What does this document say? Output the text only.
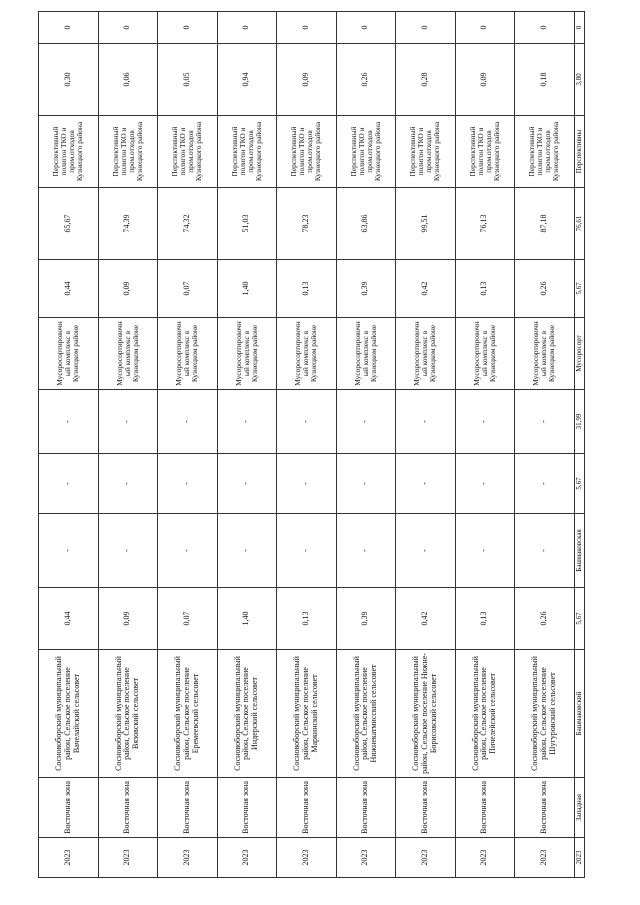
2023	Восточная зона	Сосновоборский муниципальный район, Сельское поселение Вачелайский сельсовет	0,44	-	-	-	Мусоросортировочный комплекс в Кузнецком районе	0,44	65,67	Перспективный полигон ТКО и пром.отходов Кузнецкого района	0,30	0
2023	Восточная зона	Сосновоборский муниципальный район, Сельское поселение Вязовский сельсовет	0,09	-	-	-	Мусоросортировочный комплекс в Кузнецком районе	0,09	74,39	Перспективный полигон ТКО и пром.отходов Кузнецкого района	0,06	0
2023	Восточная зона	Сосновоборский муниципальный район, Сельское поселение Еремеевский сельсовет	0,07	-	-	-	Мусоросортировочный комплекс в Кузнецком районе	0,07	74,32	Перспективный полигон ТКО и пром.отходов Кузнецкого района	0,05	0
2023	Восточная зона	Сосновоборский муниципальный район, Сельское поселение Индерский сельсовет	1,40	-	-	-	Мусоросортировочный комплекс в Кузнецком районе	1,40	51,03	Перспективный полигон ТКО и пром.отходов Кузнецкого района	0,94	0
2023	Восточная зона	Сосновоборский муниципальный район, Сельское поселение Маркинский сельсовет	0,13	-	-	-	Мусоросортировочный комплекс в Кузнецком районе	0,13	78,23	Перспективный полигон ТКО и пром.отходов Кузнецкого района	0,09	0
2023	Восточная зона	Сосновоборский муниципальный район, Сельское поселение Нижнекатмисский сельсовет	0,39	-	-	-	Мусоросортировочный комплекс в Кузнецком районе	0,39	63,86	Перспективный полигон ТКО и пром.отходов Кузнецкого района	0,26	0
2023	Восточная зона	Сосновоборский муниципальный район, Сельское поселение Нижне-Борисовский сельсовет	0,42	-	-	-	Мусоросортировочный комплекс в Кузнецком районе	0,42	99,51	Перспективный полигон ТКО и пром.отходов Кузнецкого района	0,28	0
2023	Восточная зона	Сосновоборский муниципальный район, Сельское поселение Пичелейский сельсовет	0,13	-	-	-	Мусоросортировочный комплекс в Кузнецком районе	0,13	76,13	Перспективный полигон ТКО и пром.отходов Кузнецкого района	0,09	0
2023	Восточная зона	Сосновоборский муниципальный район, Сельское поселение Шугуровский сельсовет	0,26	-	-	-	Мусоросортировочный комплекс в Кузнецком районе	0,26	87,18	Перспективный полигон ТКО и пром.отходов Кузнецкого района	0,18	0
2023	Западная	Башмаковский	5,67	Башмаковская	5,67	31,99	Мусоросорт	5,67	76,61	Перспективны	3,80	0
